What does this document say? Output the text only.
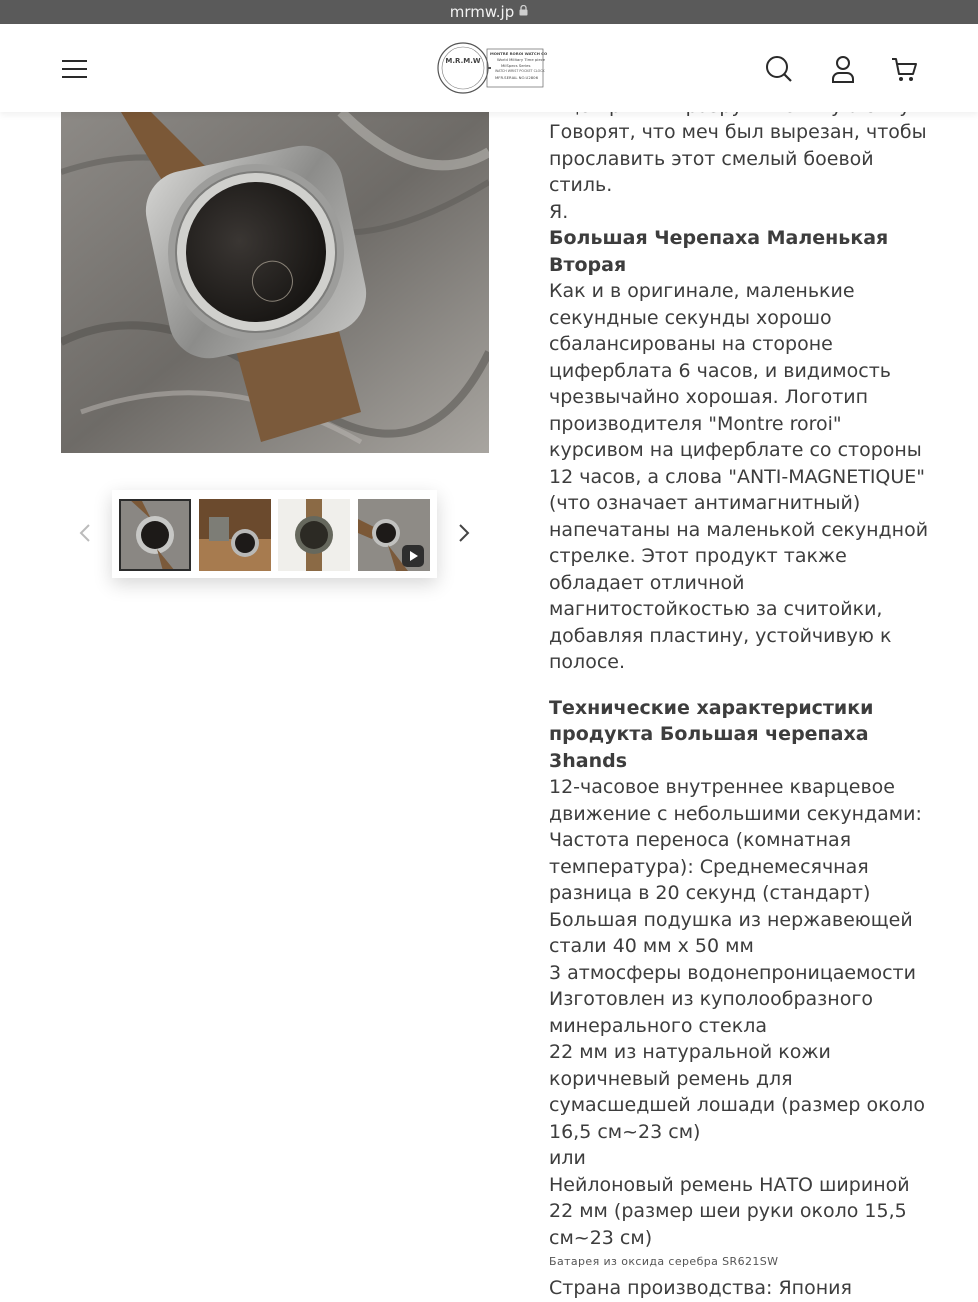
mrmw.jp

Говорят, что меч был вырезан, чтобы прославить этот смелый боевой стиль.

Я.

Большая Черепаха Маленькая Вторая

Как и в оригинале, маленькие секундные секунды хорошо сбалансированы на стороне циферблата 6 часов, и видимость чрезвычайно хорошая. Логотип производителя "Montre roroi" курсивом на циферблате со стороны 12 часов, а слова "ANTI-MAGNETIQUE" (что означает антимагнитный) напечатаны на маленькой секундной стрелке. Этот продукт также обладает отличной магнитостойкостью за считойки, добавляя пластину, устойчивую к полосе.

Технические характеристики продукта Большая черепаха 3hands

12-часовое внутреннее кварцевое движение с небольшими секундами:

Частота переноса (комнатная температура): Среднемесячная разница в 20 секунд (стандарт)

Большая подушка из нержавеющей стали 40 мм x 50 мм

3 атмосферы водонепроницаемости

Изготовлен из куполообразного минерального стекла

22 мм из натуральной кожи коричневый ремень для сумасшедшей лошади (размер около 16,5 см~23 см)

или

Нейлоновый ремень НАТО шириной 22 мм (размер шеи руки около 15,5 см~23 см)

Батарея из оксида серебра SR621SW

Страна производства: Япония

M.R.M.W
MONTRE ROROI WATCH CO
World Military Time piece
MilSpecs Series
WATCH WRIST POCKET CLOCK
MFR.SERIAL NO.U2806
